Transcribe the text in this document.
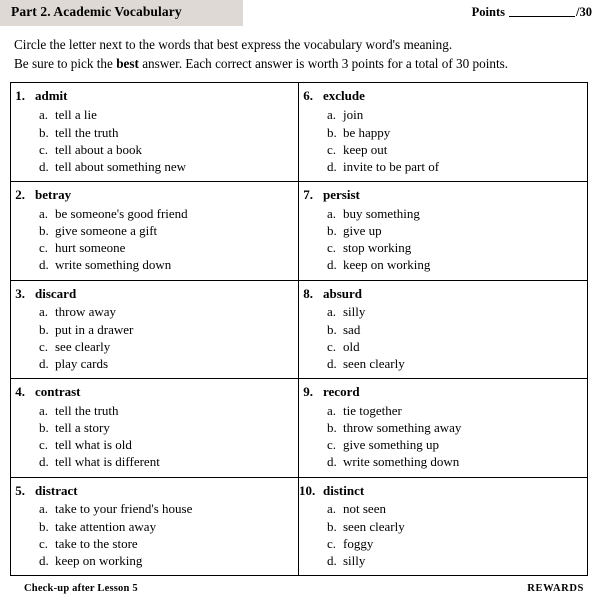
Part 2. Academic Vocabulary	Points	/30
Circle the letter next to the words that best express the vocabulary word's meaning.
Be sure to pick the best answer. Each correct answer is worth 3 points for a total of 30 points.
1. admit
a. tell a lie
b. tell the truth
c. tell about a book
d. tell about something new
6. exclude
a. join
b. be happy
c. keep out
d. invite to be part of
2. betray
a. be someone's good friend
b. give someone a gift
c. hurt someone
d. write something down
7. persist
a. buy something
b. give up
c. stop working
d. keep on working
3. discard
a. throw away
b. put in a drawer
c. see clearly
d. play cards
8. absurd
a. silly
b. sad
c. old
d. seen clearly
4. contrast
a. tell the truth
b. tell a story
c. tell what is old
d. tell what is different
9. record
a. tie together
b. throw something away
c. give something up
d. write something down
5. distract
a. take to your friend's house
b. take attention away
c. take to the store
d. keep on working
10. distinct
a. not seen
b. seen clearly
c. foggy
d. silly
Check-up after Lesson 5	REWARDS
